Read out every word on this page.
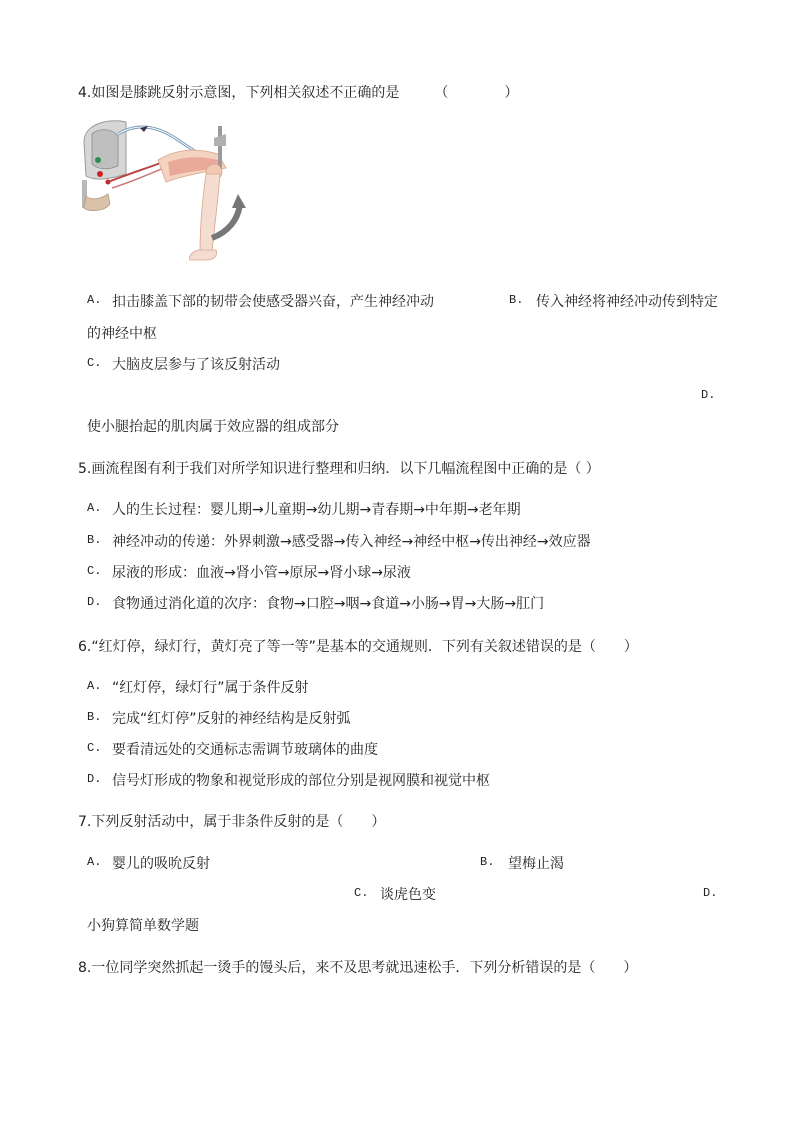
4.如图是膝跳反射示意图，下列相关叙述不正确的是　　　（　　　　）
A. 扣击膝盖下部的韧带会使感受器兴奋，产生神经冲动	B. 传入神经将神经冲动传到特定
的神经中枢
C. 大脑皮层参与了该反射活动
D.
使小腿抬起的肌肉属于效应器的组成部分
5.画流程图有利于我们对所学知识进行整理和归纳．以下几幅流程图中正确的是（ ）
A. 人的生长过程：婴儿期→儿童期→幼儿期→青春期→中年期→老年期
B. 神经冲动的传递：外界刺激→感受器→传入神经→神经中枢→传出神经→效应器
C. 尿液的形成：血液→肾小管→原尿→肾小球→尿液
D. 食物通过消化道的次序：食物→口腔→咽→食道→小肠→胃→大肠→肛门
6.“红灯停，绿灯行，黄灯亮了等一等”是基本的交通规则．下列有关叙述错误的是（　　）
A. “红灯停，绿灯行”属于条件反射
B. 完成“红灯停”反射的神经结构是反射弧
C. 要看清远处的交通标志需调节玻璃体的曲度
D. 信号灯形成的物象和视觉形成的部位分别是视网膜和视觉中枢
7.下列反射活动中，属于非条件反射的是（　　）
A. 婴儿的吸吮反射	B. 望梅止渴
C. 谈虎色变	D.
小狗算简单数学题
8.一位同学突然抓起一烫手的馒头后，来不及思考就迅速松手．下列分析错误的是（　　）
